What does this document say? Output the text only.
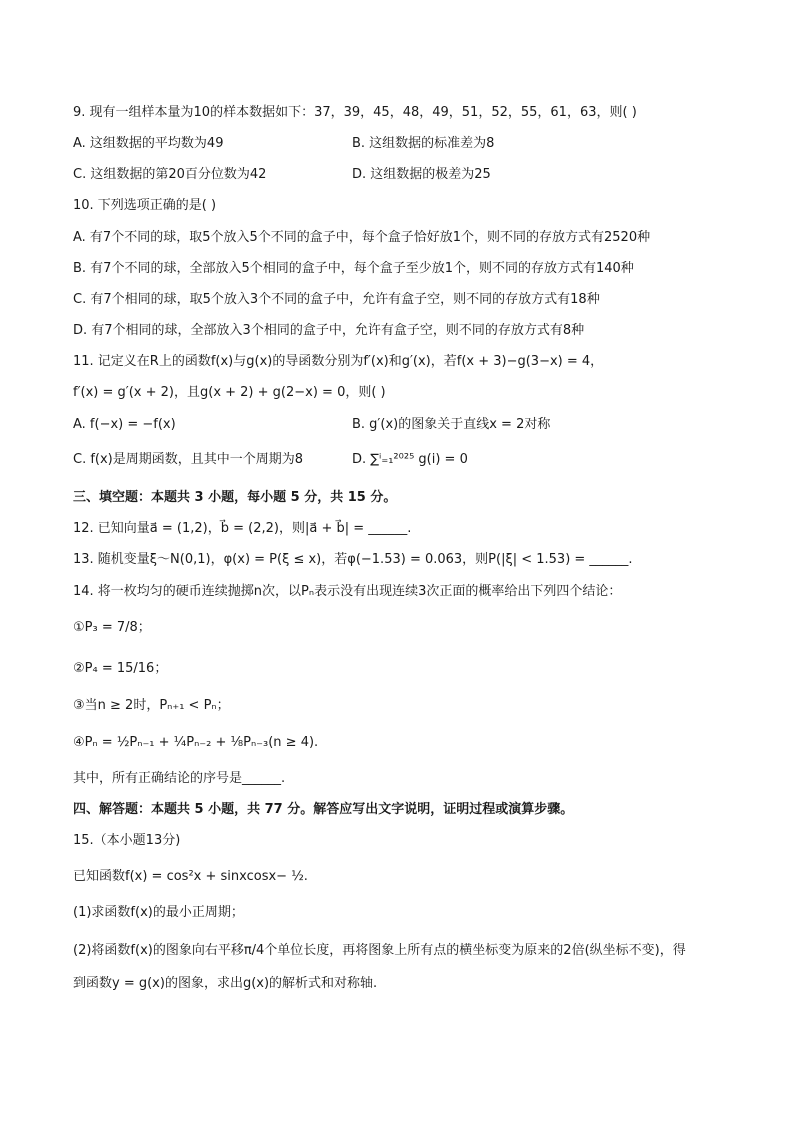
9. 现有一组样本量为10的样本数据如下：37，39，45，48，49，51，52，55，61，63，则( )
A. 这组数据的平均数为49	B. 这组数据的标准差为8
C. 这组数据的第20百分位数为42	D. 这组数据的极差为25
10. 下列选项正确的是( )
A. 有7个不同的球，取5个放入5个不同的盒子中，每个盒子恰好放1个，则不同的存放方式有2520种
B. 有7个不同的球，全部放入5个相同的盒子中，每个盒子至少放1个，则不同的存放方式有140种
C. 有7个相同的球，取5个放入3个不同的盒子中，允许有盒子空，则不同的存放方式有18种
D. 有7个相同的球，全部放入3个相同的盒子中，允许有盒子空，则不同的存放方式有8种
11. 记定义在R上的函数f(x)与g(x)的导函数分别为f′(x)和g′(x)，若f(x + 3)−g(3−x) = 4，
f′(x) = g′(x + 2)，且g(x + 2) + g(2−x) = 0，则( )
A. f(−x) = −f(x)	B. g′(x)的图象关于直线x = 2对称
C. f(x)是周期函数，且其中一个周期为8	D. ∑ⁱ₌₁²⁰²⁵ g(i) = 0
三、填空题：本题共 3 小题，每小题 5 分，共 15 分。
12. 已知向量a⃗ = (1,2)，b⃗ = (2,2)，则|a⃗ + b⃗| = ______.
13. 随机变量ξ～N(0,1)，φ(x) = P(ξ ≤ x)，若φ(−1.53) = 0.063，则P(|ξ| < 1.53) = ______.
14. 将一枚均匀的硬币连续抛掷n次，以Pₙ表示没有出现连续3次正面的概率给出下列四个结论：
①P₃ = 7/8；
②P₄ = 15/16；
③当n ≥ 2时，Pₙ₊₁ < Pₙ；
④Pₙ = ½Pₙ₋₁ + ¼Pₙ₋₂ + ⅛Pₙ₋₃(n ≥ 4).
其中，所有正确结论的序号是______.
四、解答题：本题共 5 小题，共 77 分。解答应写出文字说明，证明过程或演算步骤。
15.（本小题13分)
已知函数f(x) = cos²x + sinxcosx− ½.
(1)求函数f(x)的最小正周期；
(2)将函数f(x)的图象向右平移π/4个单位长度，再将图象上所有点的横坐标变为原来的2倍(纵坐标不变)，得
到函数y = g(x)的图象，求出g(x)的解析式和对称轴.
